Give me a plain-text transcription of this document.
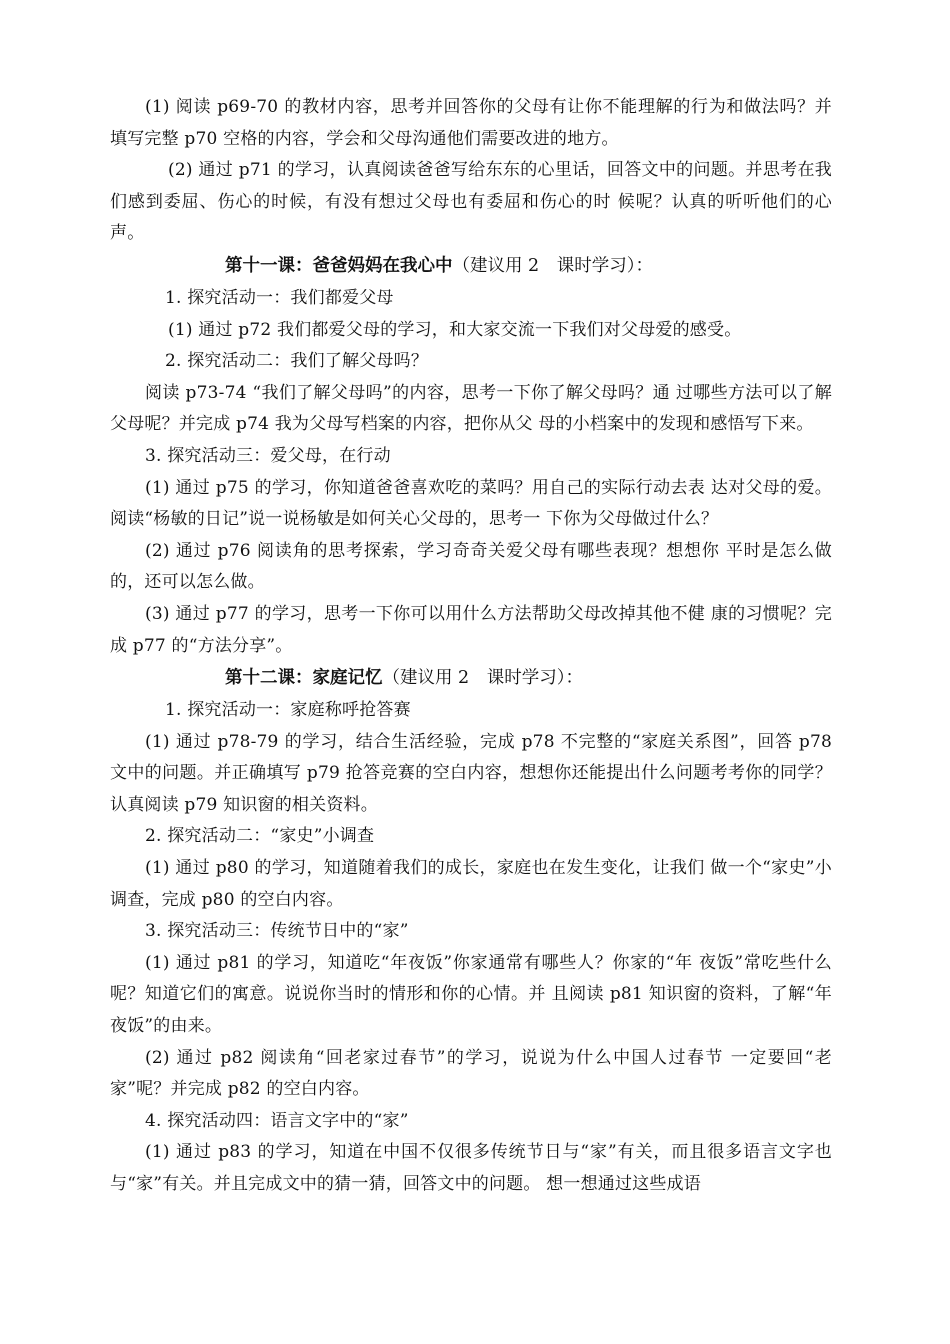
(1) 阅读 p69-70 的教材内容，思考并回答你的父母有让你不能理解的行为和做法吗？并填写完整 p70 空格的内容，学会和父母沟通他们需要改进的地方。

(2) 通过 p71 的学习，认真阅读爸爸写给东东的心里话，回答文中的问题。并思考在我们感到委屈、伤心的时候，有没有想过父母也有委屈和伤心的时 候呢？认真的听听他们的心声。

第十一课：爸爸妈妈在我心中（建议用 2　课时学习）：

1. 探究活动一：我们都爱父母

(1) 通过 p72 我们都爱父母的学习，和大家交流一下我们对父母爱的感受。

2. 探究活动二：我们了解父母吗？

阅读 p73-74 “我们了解父母吗”的内容，思考一下你了解父母吗？通 过哪些方法可以了解父母呢？并完成 p74 我为父母写档案的内容，把你从父 母的小档案中的发现和感悟写下来。

3. 探究活动三：爱父母，在行动

(1) 通过 p75 的学习，你知道爸爸喜欢吃的菜吗？用自己的实际行动去表 达对父母的爱。阅读“杨敏的日记”说一说杨敏是如何关心父母的，思考一 下你为父母做过什么？

(2) 通过 p76 阅读角的思考探索，学习奇奇关爱父母有哪些表现？想想你 平时是怎么做的，还可以怎么做。

(3) 通过 p77 的学习，思考一下你可以用什么方法帮助父母改掉其他不健 康的习惯呢？完成 p77 的“方法分享”。

第十二课：家庭记忆（建议用 2　课时学习）：

1. 探究活动一：家庭称呼抢答赛

(1) 通过 p78-79 的学习，结合生活经验，完成 p78 不完整的“家庭关系图”，回答 p78 文中的问题。并正确填写 p79 抢答竞赛的空白内容，想想你还能提出什么问题考考你的同学？认真阅读 p79 知识窗的相关资料。

2. 探究活动二：“家史”小调查

(1) 通过 p80 的学习，知道随着我们的成长，家庭也在发生变化，让我们 做一个“家史”小调查，完成 p80 的空白内容。

3. 探究活动三：传统节日中的“家”

(1) 通过 p81 的学习，知道吃“年夜饭”你家通常有哪些人？你家的“年 夜饭”常吃些什么呢？知道它们的寓意。说说你当时的情形和你的心情。并 且阅读 p81 知识窗的资料，了解“年夜饭”的由来。

(2) 通过 p82 阅读角“回老家过春节”的学习，说说为什么中国人过春节 一定要回“老家”呢？并完成 p82 的空白内容。

4. 探究活动四：语言文字中的“家”

(1) 通过 p83 的学习，知道在中国不仅很多传统节日与“家”有关，而且很多语言文字也与“家”有关。并且完成文中的猜一猜，回答文中的问题。 想一想通过这些成语
